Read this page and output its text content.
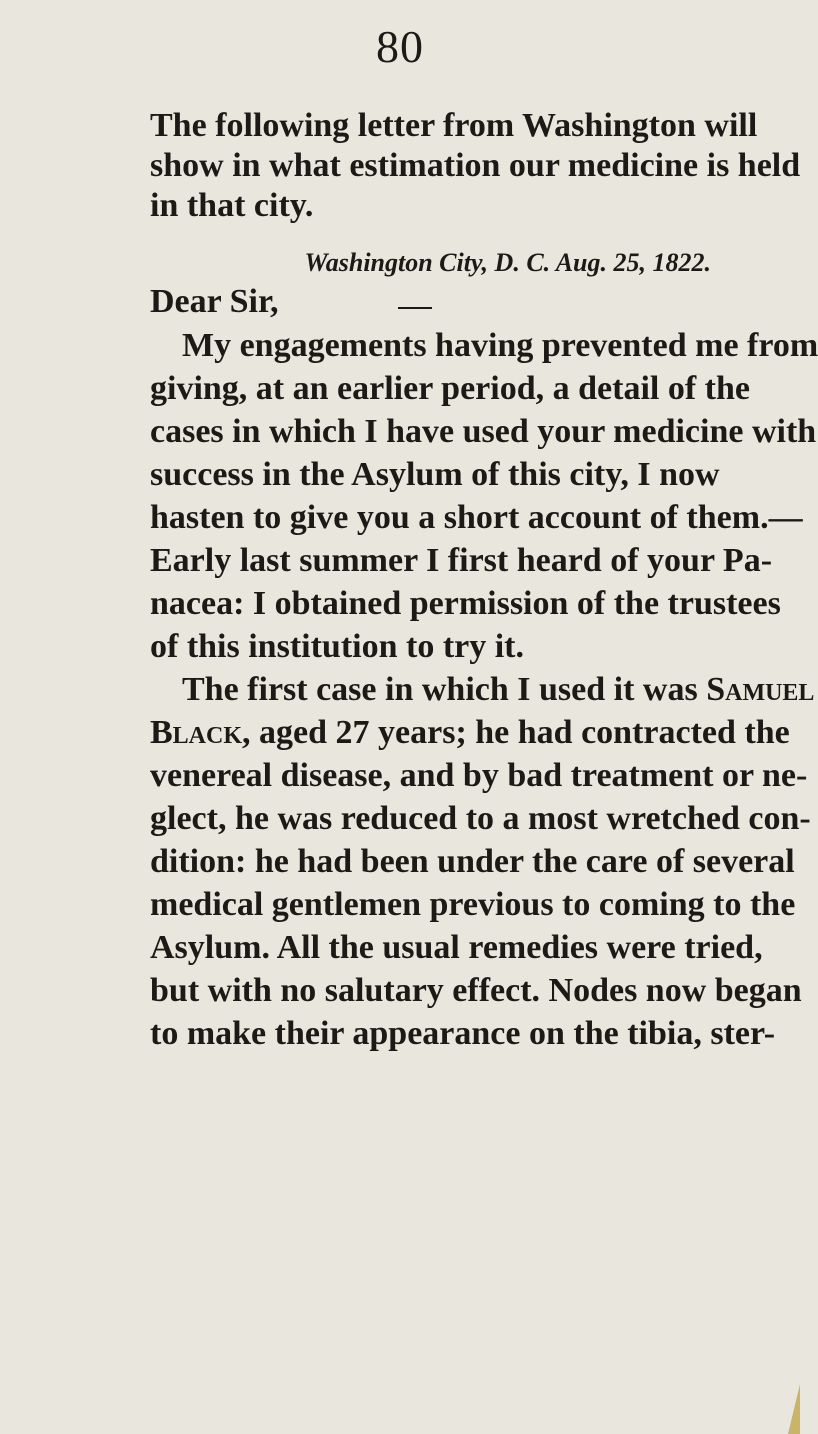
80
The following letter from Washington will
show in what estimation our medicine is held
in that city.
Washington City, D. C. Aug. 25, 1822.
Dear Sir,
My engagements having prevented me from
giving, at an earlier period, a detail of the
cases in which I have used your medicine with
success in the Asylum of this city, I now
hasten to give you a short account of them.—
Early last summer I first heard of your Pa-
nacea: I obtained permission of the trustees
of this institution to try it.
The first case in which I used it was Samuel
Black, aged 27 years; he had contracted the
venereal disease, and by bad treatment or ne-
glect, he was reduced to a most wretched con-
dition: he had been under the care of several
medical gentlemen previous to coming to the
Asylum. All the usual remedies were tried,
but with no salutary effect. Nodes now began
to make their appearance on the tibia, ster-
